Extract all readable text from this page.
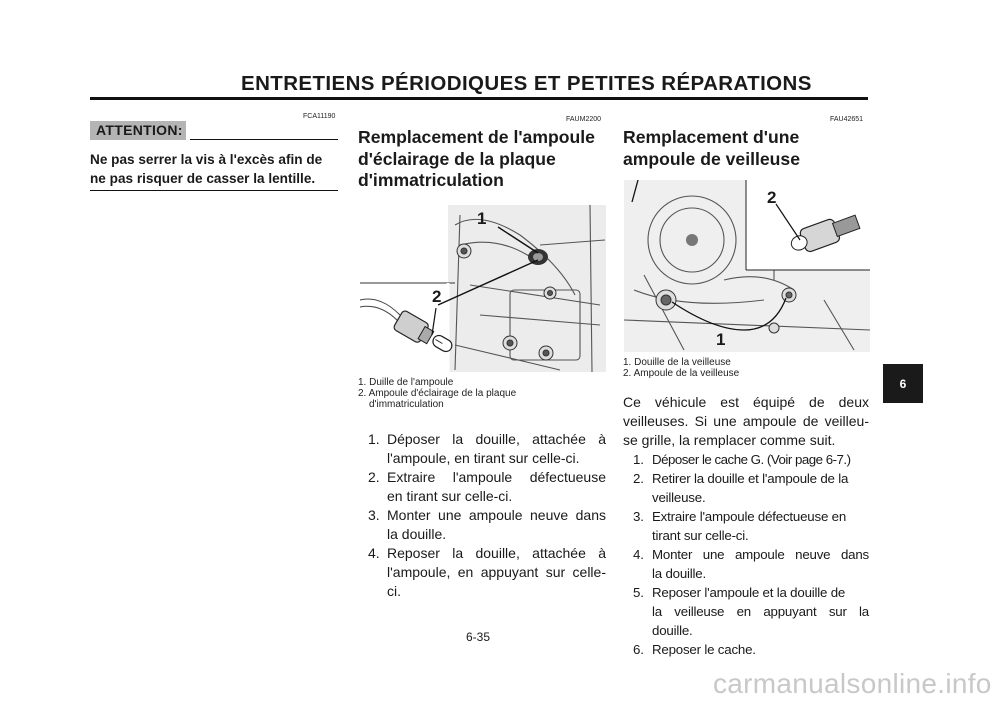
ENTRETIENS PÉRIODIQUES ET PETITES RÉPARATIONS
FCA11190
ATTENTION:
Ne pas serrer la vis à l'excès afin de
ne pas risquer de casser la lentille.
FAUM2200
Remplacement de l'ampoule
d'éclairage de la plaque
d'immatriculation
1
2
1. Duille de l'ampoule
2. Ampoule d'éclairage de la plaque
d'immatriculation
1. Déposer la douille, attachée à
l'ampoule, en tirant sur celle-ci.
2. Extraire l'ampoule défectueuse
en tirant sur celle-ci.
3. Monter une ampoule neuve dans
la douille.
4. Reposer la douille, attachée à
l'ampoule, en appuyant sur celle-
ci.
FAU42651
Remplacement d'une
ampoule de veilleuse
2
1
1. Douille de la veilleuse
2. Ampoule de la veilleuse
Ce véhicule est équipé de deux
veilleuses. Si une ampoule de veilleu-
se grille, la remplacer comme suit.
1. Déposer le cache G. (Voir page 6-7.)
2. Retirer la douille et l'ampoule de la
veilleuse.
3. Extraire l'ampoule défectueuse en
tirant sur celle-ci.
4. Monter une ampoule neuve dans
la douille.
5. Reposer l'ampoule et la douille de
la veilleuse en appuyant sur la
douille.
6. Reposer le cache.
6
6-35
carmanualsonline.info
